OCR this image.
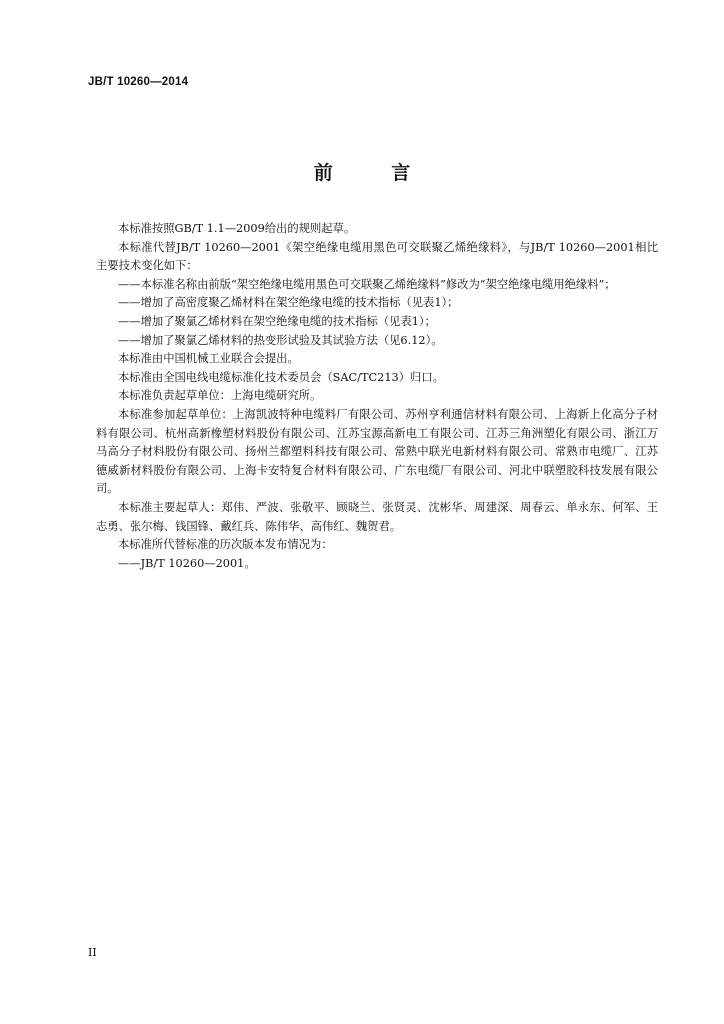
JB/T 10260—2014
前 言

本标准按照GB/T 1.1—2009给出的规则起草。

本标准代替JB/T 10260—2001《架空绝缘电缆用黑色可交联聚乙烯绝缘料》，与JB/T 10260—2001相比主要技术变化如下：

——本标准名称由前版“架空绝缘电缆用黑色可交联聚乙烯绝缘料”修改为“架空绝缘电缆用绝缘料”；

——增加了高密度聚乙烯材料在架空绝缘电缆的技术指标（见表1）；

——增加了聚氯乙烯材料在架空绝缘电缆的技术指标（见表1）；

——增加了聚氯乙烯材料的热变形试验及其试验方法（见6.12）。

本标准由中国机械工业联合会提出。

本标准由全国电线电缆标准化技术委员会（SAC/TC213）归口。

本标准负责起草单位：上海电缆研究所。

本标准参加起草单位：上海凯波特种电缆料厂有限公司、苏州亨利通信材料有限公司、上海新上化高分子材料有限公司、杭州高新橡塑材料股份有限公司、江苏宝源高新电工有限公司、江苏三角洲塑化有限公司、浙江万马高分子材料股份有限公司、扬州兰都塑料科技有限公司、常熟中联光电新材料有限公司、常熟市电缆厂、江苏德威新材料股份有限公司、上海卡安特复合材料有限公司、广东电缆厂有限公司、河北中联塑胶科技发展有限公司。

本标准主要起草人：郑伟、严波、张敬平、顾晓兰、张贤灵、沈彬华、周建深、周春云、单永东、何军、王志勇、张尔梅、钱国锋、戴红兵、陈伟华、高伟红、魏贺君。

本标准所代替标准的历次版本发布情况为：

——JB/T 10260—2001。

II
